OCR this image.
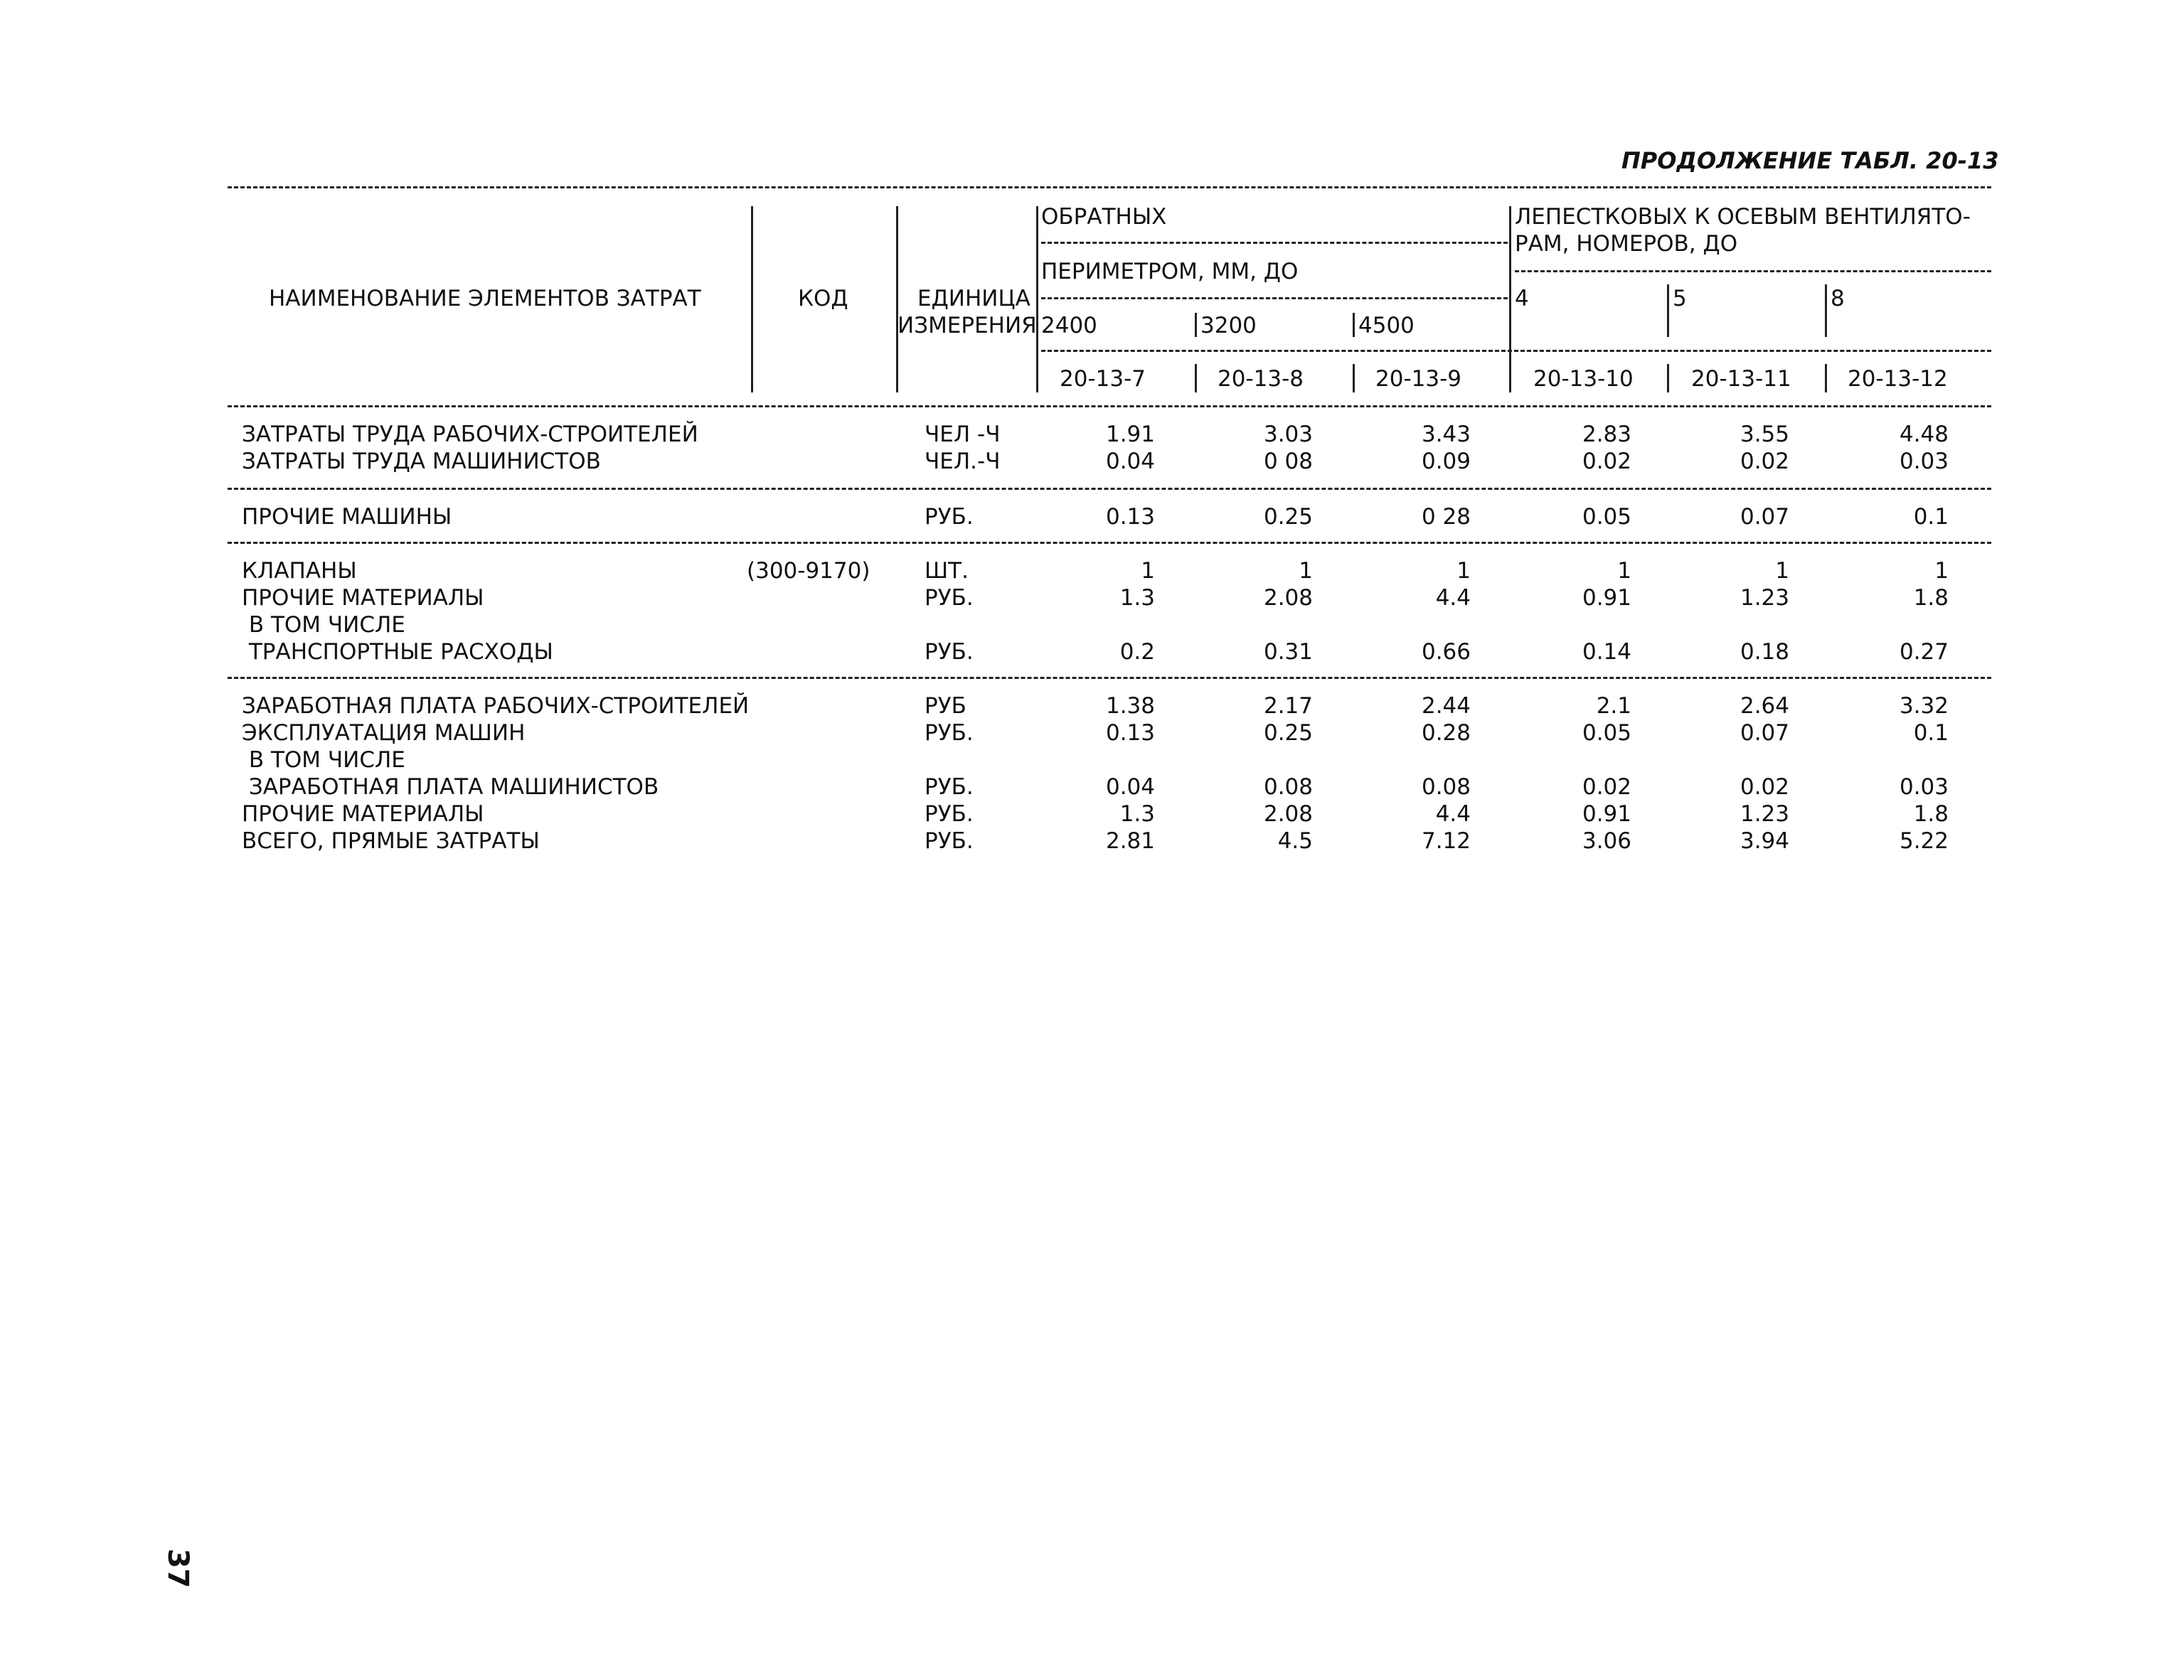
ПРОДОЛЖЕНИЕ ТАБЛ. 20-13
НАИМЕНОВАНИЕ ЭЛЕМЕНТОВ ЗАТРАТ	КОД	ЕДИНИЦА
ИЗМЕРЕНИЯ
ОБРАТНЫХ
ПЕРИМЕТРОМ, ММ, ДО
ЛЕПЕСТКОВЫХ К ОСЕВЫМ ВЕНТИЛЯТО-
РАМ, НОМЕРОВ, ДО
2400	3200	4500
4	5	8
20-13-7	20-13-8	20-13-9	20-13-10	20-13-11	20-13-12
ЗАТРАТЫ ТРУДА РАБОЧИХ-СТРОИТЕЛЕЙ	ЧЕЛ -Ч	1.91	3.03	3.43	2.83	3.55	4.48
ЗАТРАТЫ ТРУДА МАШИНИСТОВ	ЧЕЛ.-Ч	0.04	0 08	0.09	0.02	0.02	0.03
ПРОЧИЕ МАШИНЫ	РУБ.	0.13	0.25	0 28	0.05	0.07	0.1
КЛАПАНЫ	(300-9170) ШТ.	1	1	1	1	1	1
ПРОЧИЕ МАТЕРИАЛЫ	РУБ.	1.3	2.08	4.4	0.91	1.23	1.8
В ТОМ ЧИСЛЕ
ТРАНСПОРТНЫЕ РАСХОДЫ	РУБ.	0.2	0.31	0.66	0.14	0.18	0.27
ЗАРАБОТНАЯ ПЛАТА РАБОЧИХ-СТРОИТЕЛЕЙ	РУБ	1.38	2.17	2.44	2.1	2.64	3.32
ЭКСПЛУАТАЦИЯ МАШИН	РУБ.	0.13	0.25	0.28	0.05	0.07	0.1
В ТОМ ЧИСЛЕ
ЗАРАБОТНАЯ ПЛАТА МАШИНИСТОВ	РУБ.	0.04	0.08	0.08	0.02	0.02	0.03
ПРОЧИЕ МАТЕРИАЛЫ	РУБ.	1.3	2.08	4.4	0.91	1.23	1.8
ВСЕГО, ПРЯМЫЕ ЗАТРАТЫ	РУБ.	2.81	4.5	7.12	3.06	3.94	5.22
37
